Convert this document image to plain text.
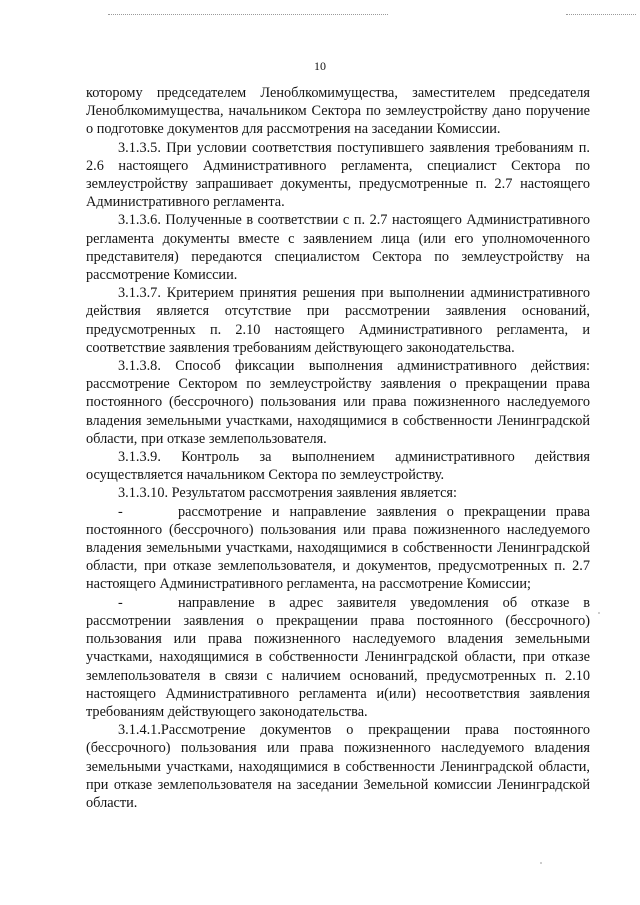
10

которому председателем Леноблкомимущества, заместителем председателя Леноблкомимущества, начальником Сектора по землеустройству дано поручение о подготовке документов для рассмотрения на заседании Комиссии.

3.1.3.5. При условии соответствия поступившего заявления требованиям п. 2.6 настоящего Административного регламента, специалист Сектора по землеустройству запрашивает документы, предусмотренные п. 2.7 настоящего Административного регламента.

3.1.3.6. Полученные в соответствии с п. 2.7 настоящего Административного регламента документы вместе с заявлением лица (или его уполномоченного представителя) передаются специалистом Сектора по землеустройству на рассмотрение Комиссии.

3.1.3.7. Критерием принятия решения при выполнении административного действия является отсутствие при рассмотрении заявления оснований, предусмотренных п. 2.10 настоящего Административного регламента, и соответствие заявления требованиям действующего законодательства.

3.1.3.8. Способ фиксации выполнения административного действия: рассмотрение Сектором по землеустройству заявления о прекращении права постоянного (бессрочного) пользования или права пожизненного наследуемого владения земельными участками, находящимися в собственности Ленинградской области, при отказе землепользователя.

3.1.3.9. Контроль за выполнением административного действия осуществляется начальником Сектора по землеустройству.

3.1.3.10. Результатом рассмотрения заявления является:

-	рассмотрение и направление заявления о прекращении права постоянного (бессрочного) пользования или права пожизненного наследуемого владения земельными участками, находящимися в собственности Ленинградской области, при отказе землепользователя, и документов, предусмотренных п. 2.7 настоящего Административного регламента, на рассмотрение Комиссии;

-	направление в адрес заявителя уведомления об отказе в рассмотрении заявления о прекращении права постоянного (бессрочного) пользования или права пожизненного наследуемого владения земельными участками, находящимися в собственности Ленинградской области, при отказе землепользователя в связи с наличием оснований, предусмотренных п. 2.10 настоящего Административного регламента и(или) несоответствия заявления требованиям действующего законодательства.

3.1.4.1.Рассмотрение документов о прекращении права постоянного (бессрочного) пользования или права пожизненного наследуемого владения земельными участками, находящимися в собственности Ленинградской области, при отказе землепользователя на заседании Земельной комиссии Ленинградской области.
